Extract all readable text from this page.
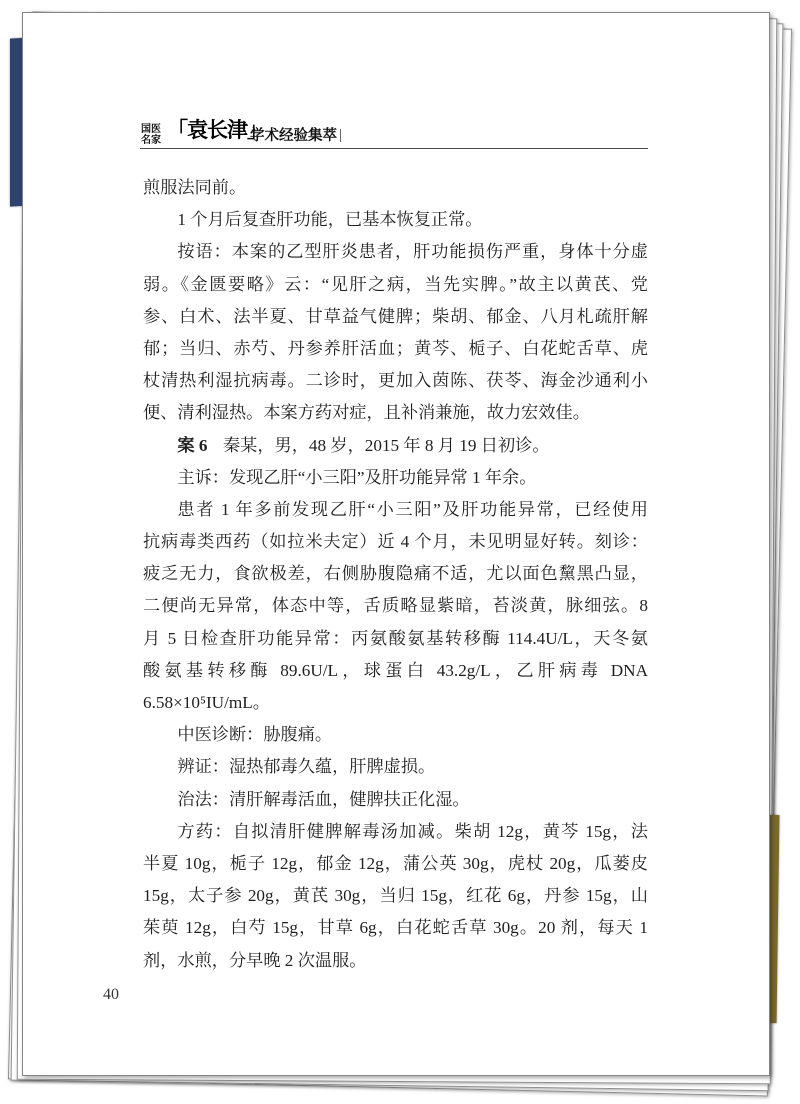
国医
名家 「袁长津」
学术经验集萃 |
煎服法同前。
1 个月后复查肝功能，已基本恢复正常。
按语：本案的乙型肝炎患者，肝功能损伤严重，身体十分虚
弱。《金匮要略》云：“见肝之病，当先实脾。”故主以黄芪、党
参、白术、法半夏、甘草益气健脾；柴胡、郁金、八月札疏肝解
郁；当归、赤芍、丹参养肝活血；黄芩、栀子、白花蛇舌草、虎
杖清热利湿抗病毒。二诊时，更加入茵陈、茯苓、海金沙通利小
便、清利湿热。本案方药对症，且补消兼施，故力宏效佳。
案 6 秦某，男，48 岁，2015 年 8 月 19 日初诊。
主诉：发现乙肝“小三阳”及肝功能异常 1 年余。
患者 1 年多前发现乙肝“小三阳”及肝功能异常，已经使用
抗病毒类西药（如拉米夫定）近 4 个月，未见明显好转。刻诊：
疲乏无力，食欲极差，右侧胁腹隐痛不适，尤以面色黧黑凸显，
二便尚无异常，体态中等，舌质略显紫暗，苔淡黄，脉细弦。8
月 5 日检查肝功能异常：丙氨酸氨基转移酶 114.4U/L，天冬氨
酸氨基转移酶 89.6U/L，球蛋白 43.2g/L，乙肝病毒 DNA
6.58×10⁵IU/mL。
中医诊断：胁腹痛。
辨证：湿热郁毒久蕴，肝脾虚损。
治法：清肝解毒活血，健脾扶正化湿。
方药：自拟清肝健脾解毒汤加减。柴胡 12g，黄芩 15g，法
半夏 10g，栀子 12g，郁金 12g，蒲公英 30g，虎杖 20g，瓜蒌皮
15g，太子参 20g，黄芪 30g，当归 15g，红花 6g，丹参 15g，山
茱萸 12g，白芍 15g，甘草 6g，白花蛇舌草 30g。20 剂，每天 1
剂，水煎，分早晚 2 次温服。
40
